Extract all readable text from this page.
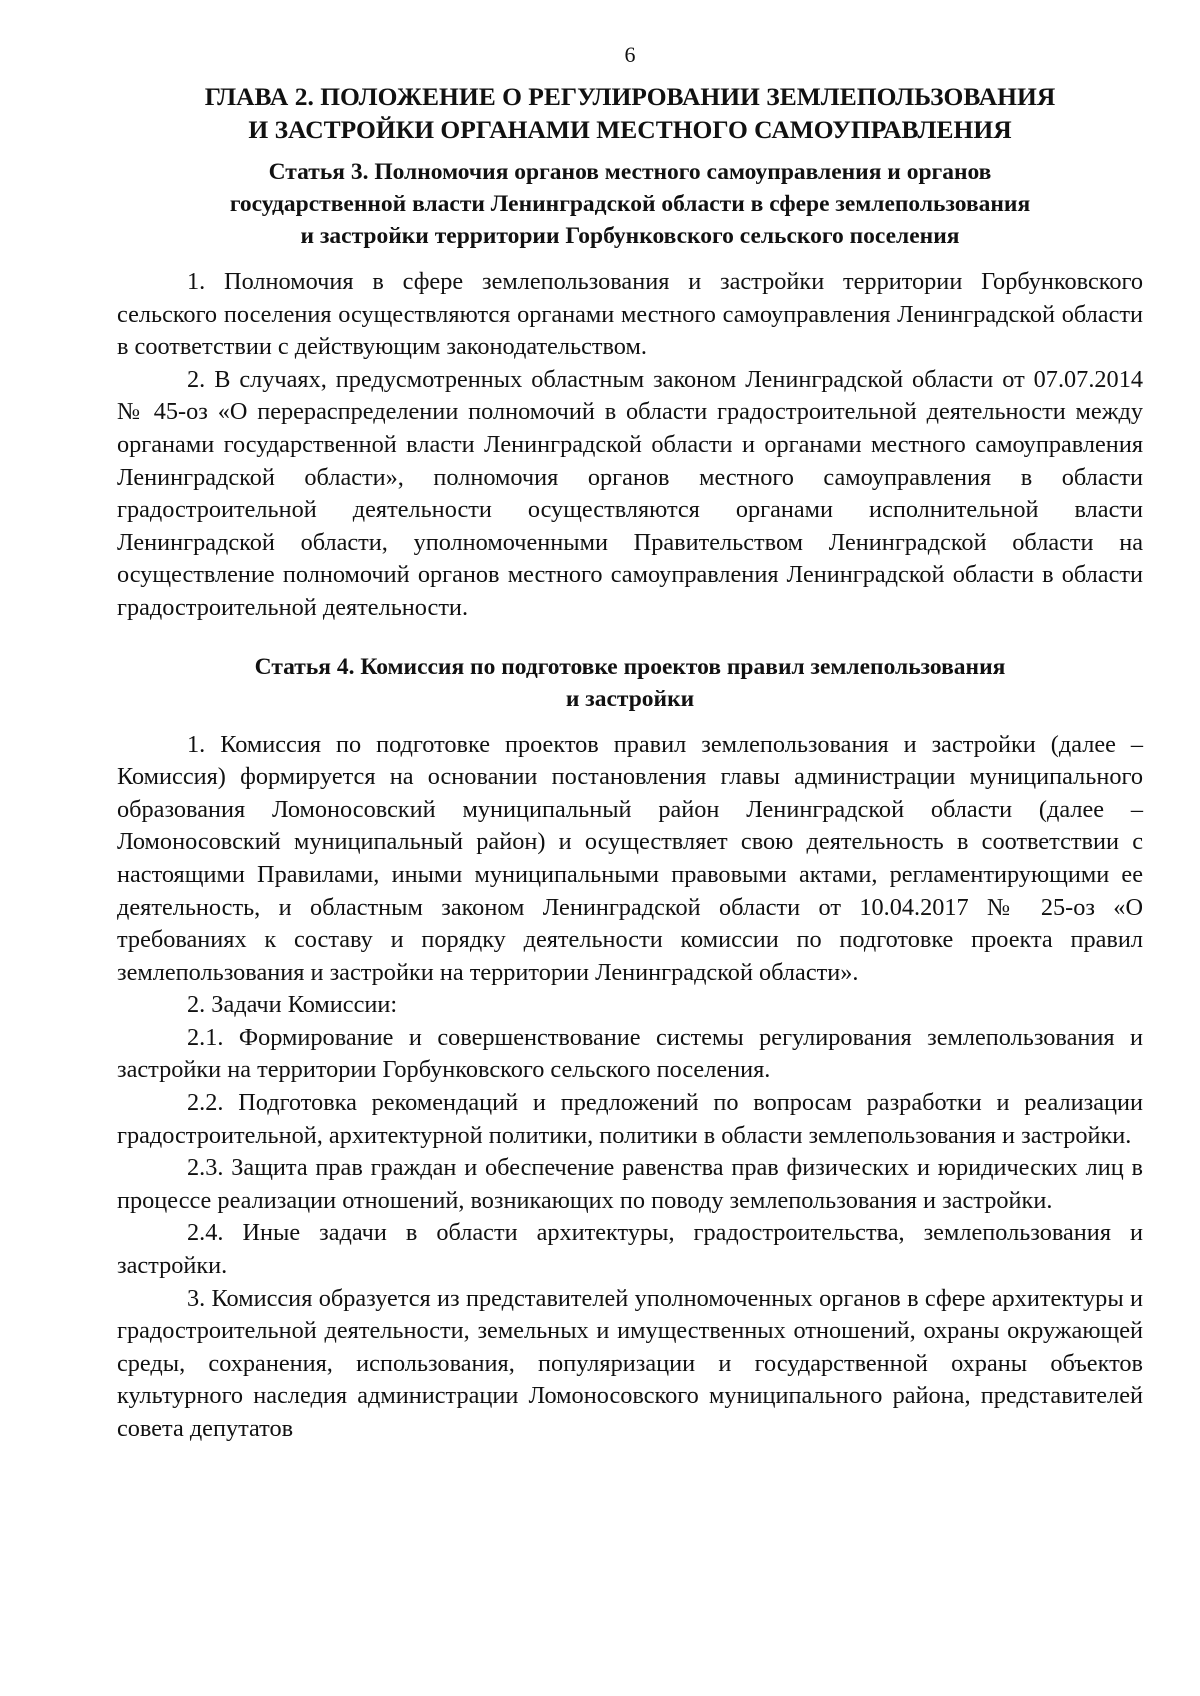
6
ГЛАВА 2. ПОЛОЖЕНИЕ О РЕГУЛИРОВАНИИ ЗЕМЛЕПОЛЬЗОВАНИЯ
И ЗАСТРОЙКИ ОРГАНАМИ МЕСТНОГО САМОУПРАВЛЕНИЯ
Статья 3. Полномочия органов местного самоуправления и органов
государственной власти Ленинградской области в сфере землепользования
и застройки территории Горбунковского сельского поселения

1. Полномочия в сфере землепользования и застройки территории Горбунковского сельского поселения осуществляются органами местного самоуправления Ленинградской области в соответствии с действующим законодательством.

2. В случаях, предусмотренных областным законом Ленинградской области от 07.07.2014 № 45-оз «О перераспределении полномочий в области градостроительной деятельности между органами государственной власти Ленинградской области и органами местного самоуправления Ленинградской области», полномочия органов местного самоуправления в области градостроительной деятельности осуществляются органами исполнительной власти Ленинградской области, уполномоченными Правительством Ленинградской области на осуществление полномочий органов местного самоуправления Ленинградской области в области градостроительной деятельности.

Статья 4. Комиссия по подготовке проектов правил землепользования
и застройки

1. Комиссия по подготовке проектов правил землепользования и застройки (далее – Комиссия) формируется на основании постановления главы администрации муниципального образования Ломоносовский муниципальный район Ленинградской области (далее – Ломоносовский муниципальный район) и осуществляет свою деятельность в соответствии с настоящими Правилами, иными муниципальными правовыми актами, регламентирующими ее деятельность, и областным законом Ленинградской области от 10.04.2017 № 25-оз «О требованиях к составу и порядку деятельности комиссии по подготовке проекта правил землепользования и застройки на территории Ленинградской области».

2. Задачи Комиссии:

2.1. Формирование и совершенствование системы регулирования землепользования и застройки на территории Горбунковского сельского поселения.

2.2. Подготовка рекомендаций и предложений по вопросам разработки и реализации градостроительной, архитектурной политики, политики в области землепользования и застройки.

2.3. Защита прав граждан и обеспечение равенства прав физических и юридических лиц в процессе реализации отношений, возникающих по поводу землепользования и застройки.

2.4. Иные задачи в области архитектуры, градостроительства, землепользования и застройки.

3. Комиссия образуется из представителей уполномоченных органов в сфере архитектуры и градостроительной деятельности, земельных и имущественных отношений, охраны окружающей среды, сохранения, использования, популяризации и государственной охраны объектов культурного наследия администрации Ломоносовского муниципального района, представителей совета депутатов
